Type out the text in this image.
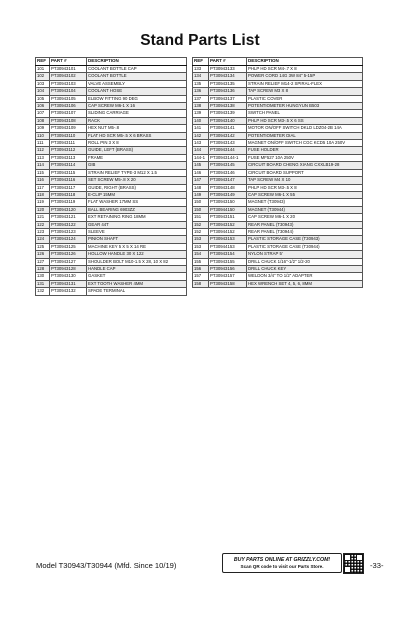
Stand Parts List
REF	PART #	DESCRIPTION
101	PT30943101	COOLANT BOTTLE CAP
102	PT30943102	COOLANT BOTTLE
103	PT30943103	VALVE ASSEMBLY
104	PT30943104	COOLANT HOSE
105	PT30943105	ELBOW FITTING 90 DEG
106	PT30943106	CAP SCREW M6-1 X 16
107	PT30943107	SLIDING CARRIAGE
108	PT30943108	RACK
109	PT30943109	HEX NUT M5-.8
110	PT30943110	FLAT HD SCR M5-.5 X 6 BRASS
111	PT30943111	ROLL PIN 3 X 8
112	PT30943112	GUIDE, LEFT (BRASS)
113	PT30943113	FRAME
114	PT30943114	GIB
115	PT30943115	STRAIN RELIEF TYPE-3 M12 X 1.5
116	PT30943116	SET SCREW M5-.8 X 20
117	PT30943117	GUIDE, RIGHT (BRASS)
118	PT30943118	E-CLIP 15MM
119	PT30943119	FLAT WASHER 17MM SS
120	PT30943120	BALL BEARING 6903ZZ
121	PT30943121	EXT RETAINING RING 18MM
122	PT30943122	GEAR 44T
123	PT30943123	SLEEVE
124	PT30943124	PINION SHAFT
125	PT30943125	MACHINE KEY 5 X 5 X 14 RE
126	PT30943126	HOLLOW HANDLE 30 X 122
127	PT30943127	SHOULDER BOLT M10-1.5 X 28, 10 X 82
128	PT30943128	HANDLE CAP
130	PT30943130	GASKET
131	PT30943131	EXT TOOTH WASHER 4MM
132	PT30943132	SPADE TERMINAL
REF	PART #	DESCRIPTION
133	PT30943133	PHLP HD SCR M4-.7 X 8
134	PT30943134	POWER CORD 14G 3W 84" 5-15P
135	PT30943135	STRAIN RELIEF M14-2 SPIRAL-FLEX
136	PT30943136	TAP SCREW M3 X 8
137	PT30943137	PLASTIC COVER
138	PT30943138	POTENTIOMETER HUNGYUN B503
139	PT30943139	SWITCH PANEL
140	PT30943140	PHLP HD SCR M3-.5 X 6 SS
141	PT30943141	MOTOR ON/OFF SWITCH DKLD LDZ04-2B 14A
142	PT30943142	POTENTIOMETER DIAL
143	PT30943143	MAGNET ON/OFF SWITCH CGC KCD5 10A 250V
144	PT30943144	FUSE HOLDER
144-1	PT30943144-1	FUSE MF527 10A 250V
145	PT30943145	CIRCUIT BOARD CHENG XIANG CXXLB19-28
146	PT30943146	CIRCUIT BOARD SUPPORT
147	PT30943147	TAP SCREW M4 X 10
148	PT30943148	PHLP HD SCR M3-.5 X 8
149	PT30943149	CAP SCREW M6-1 X 55
150	PT30943150	MAGNET (T30943)
150	PT30944150	MAGNET (T30944)
151	PT30943151	CAP SCREW M6-1 X 20
152	PT30943152	REAR PANEL (T30943)
152	PT30944152	REAR PANEL (T30944)
153	PT30943153	PLASTIC STORAGE CASE (T30943)
153	PT30944153	PLASTIC STORAGE CASE (T30944)
154	PT30943154	NYLON STRAP 5'
155	PT30943155	DRILL CHUCK 1/16"-1/2" 1/2-20
156	PT30943156	DRILL CHUCK KEY
157	PT30943157	WELDON 3/4" TO 1/2" ADAPTER
158	PT30943158	HEX WRENCH SET 4, 5, 6, 8MM
Model T30943/T30944 (Mfd. Since 10/19)
BUY PARTS ONLINE AT GRIZZLY.COM!
Scan QR code to visit our Parts Store.	-33-
